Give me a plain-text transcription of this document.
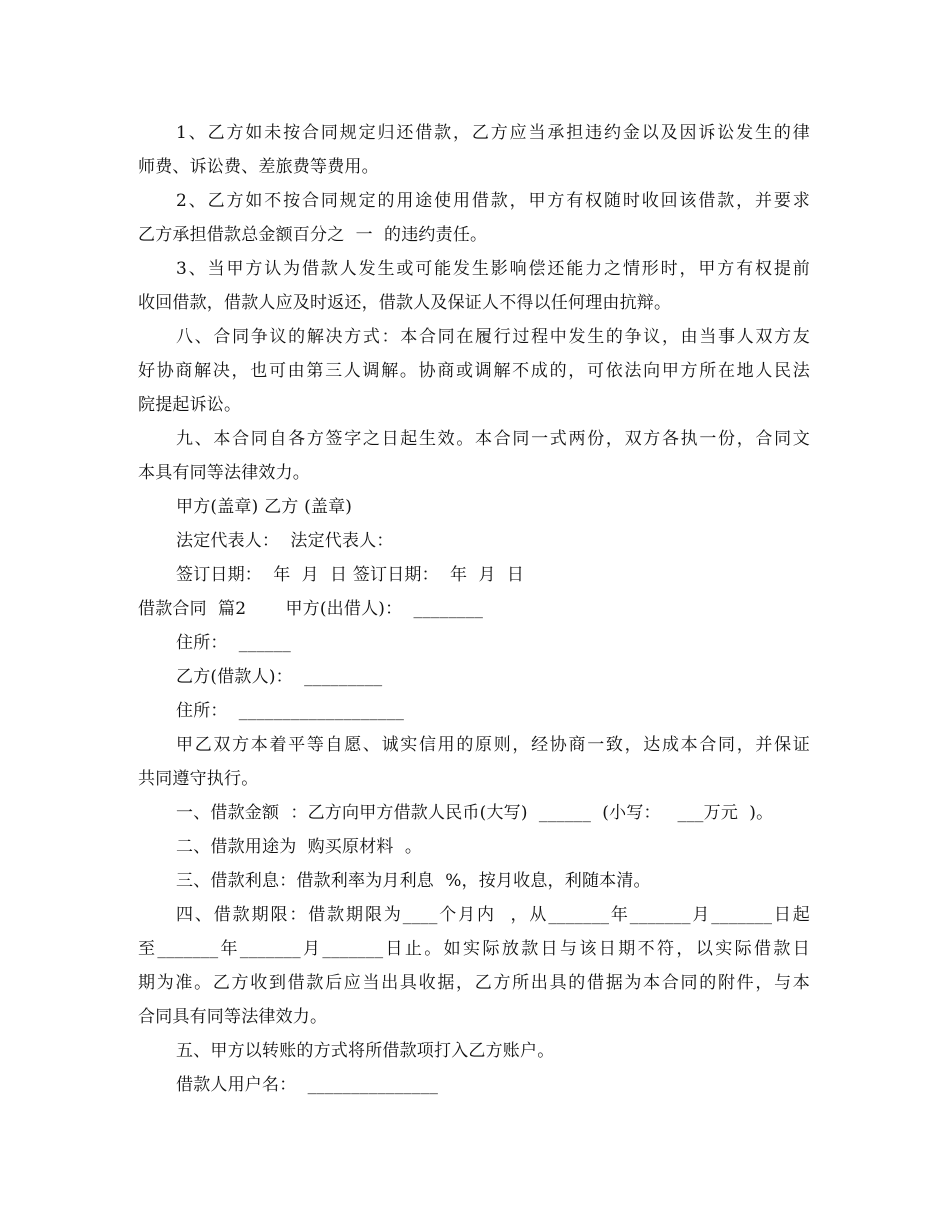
1、乙方如未按合同规定归还借款，乙方应当承担违约金以及因诉讼发生的律
师费、诉讼费、差旅费等费用。
2、乙方如不按合同规定的用途使用借款，甲方有权随时收回该借款，并要求
乙方承担借款总金额百分之  一  的违约责任。
3、当甲方认为借款人发生或可能发生影响偿还能力之情形时，甲方有权提前
收回借款，借款人应及时返还，借款人及保证人不得以任何理由抗辩。
八、合同争议的解决方式：本合同在履行过程中发生的争议，由当事人双方友
好协商解决，也可由第三人调解。协商或调解不成的，可依法向甲方所在地人民法
院提起诉讼。
九、本合同自各方签字之日起生效。本合同一式两份，双方各执一份，合同文
本具有同等法律效力。
甲方(盖章) 乙方 (盖章)
法定代表人：  法定代表人：
签订日期：  年  月  日 签订日期：  年  月  日
借款合同  篇2       甲方(出借人)：  ________
住所：  ______
乙方(借款人)：  _________
住所：  ___________________
甲乙双方本着平等自愿、诚实信用的原则，经协商一致，达成本合同，并保证
共同遵守执行。
一、借款金额  ：乙方向甲方借款人民币(大写)  ______  (小写：   ___万元  )。
二、借款用途为  购买原材料  。
三、借款利息：借款利率为月利息  %，按月收息，利随本清。
四、借款期限：借款期限为____个月内  ，从_______年_______月_______日起
至_______年_______月_______日止。如实际放款日与该日期不符，以实际借款日
期为准。乙方收到借款后应当出具收据，乙方所出具的借据为本合同的附件，与本
合同具有同等法律效力。
五、甲方以转账的方式将所借款项打入乙方账户。
借款人用户名：  _______________
